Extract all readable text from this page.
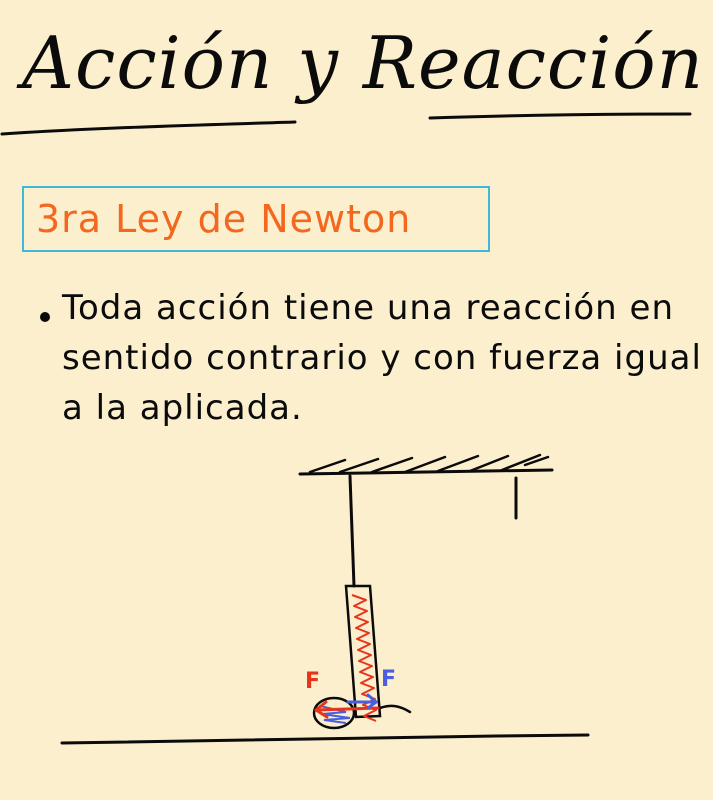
Acción y Reacción
3ra Ley de Newton
Toda acción tiene una reacción en sentido contrario y con fuerza igual a la aplicada.
F	F
